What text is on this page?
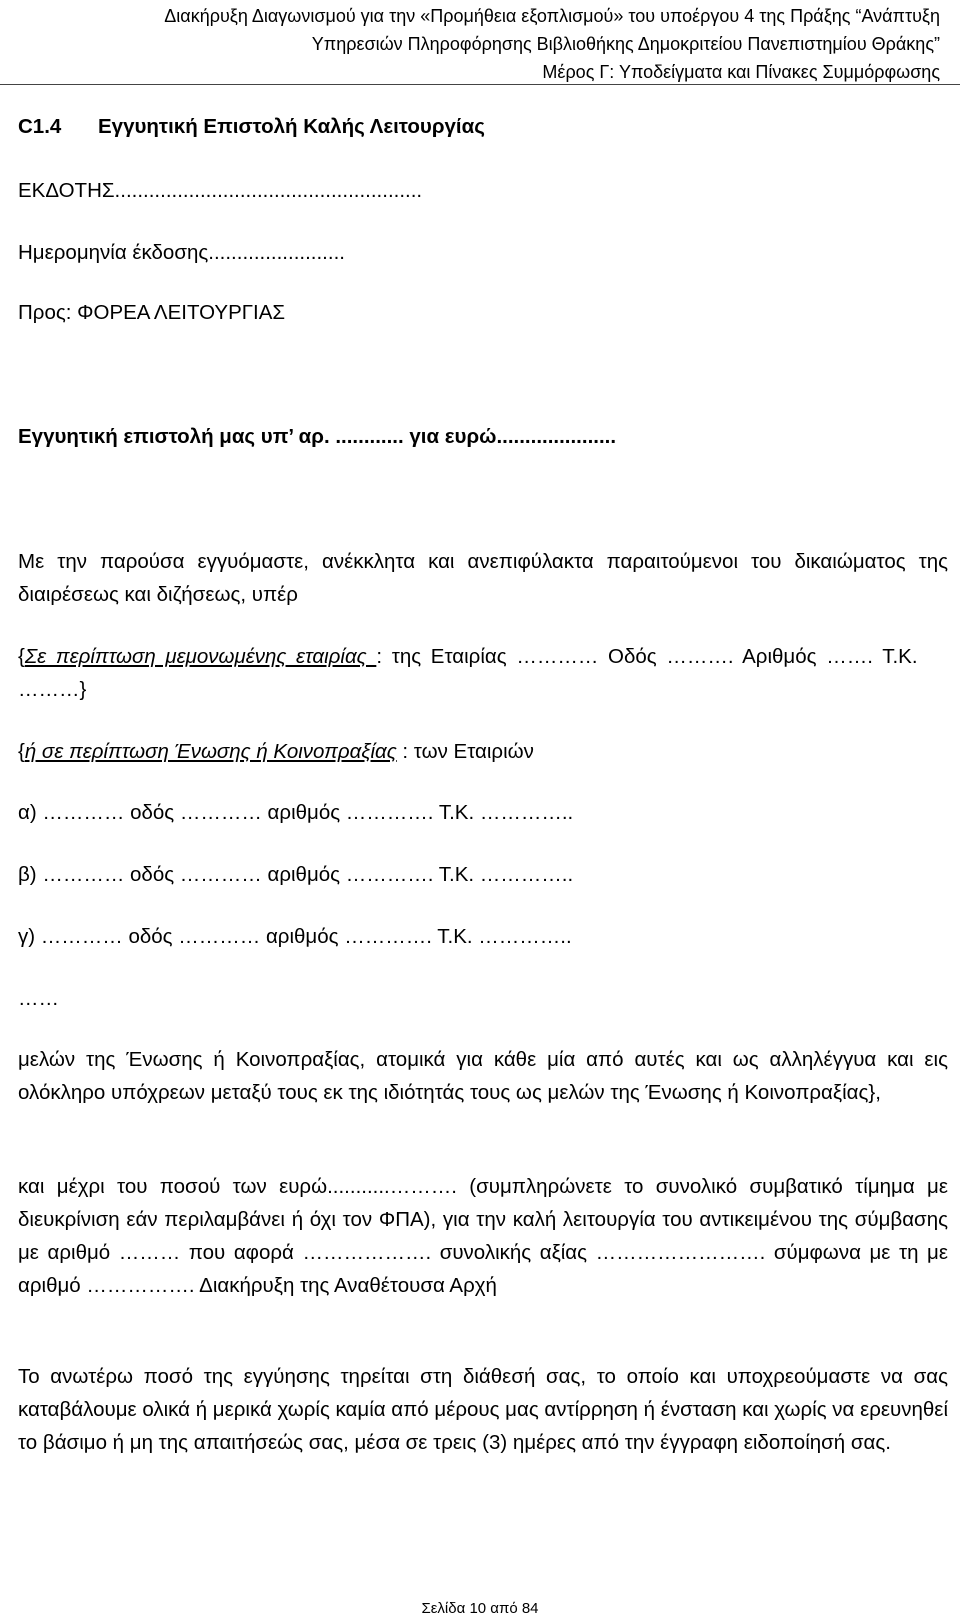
Διακήρυξη Διαγωνισμού για την «Προμήθεια εξοπλισμού» του υποέργου 4 της Πράξης “Ανάπτυξη
Υπηρεσιών Πληροφόρησης Βιβλιοθήκης Δημοκριτείου Πανεπιστημίου Θράκης”
Μέρος Γ: Υποδείγματα και Πίνακες Συμμόρφωσης
C1.4 Εγγυητική Επιστολή Καλής Λειτουργίας
ΕΚΔΟΤΗΣ......................................................
Ημερομηνία έκδοσης........................
Προς: ΦΟΡΕΑ ΛΕΙΤΟΥΡΓΙΑΣ
Εγγυητική επιστολή μας υπ’ αρ. ............ για ευρώ.....................
Με την παρούσα εγγυόμαστε, ανέκκλητα και ανεπιφύλακτα παραιτούμενοι του δικαιώματος της διαιρέσεως και διζήσεως, υπέρ
{Σε περίπτωση μεμονωμένης εταιρίας : της Εταιρίας ………… Οδός ………. Αριθμός ……. Τ.Κ. ………}
{ή σε περίπτωση Ένωσης ή Κοινοπραξίας : των Εταιριών
α) ………… οδός ………… αριθμός …………. Τ.Κ. …………..
β) ………… οδός ………… αριθμός …………. Τ.Κ. …………..
γ) ………… οδός ………… αριθμός …………. Τ.Κ. …………..
……
μελών της Ένωσης ή Κοινοπραξίας, ατομικά για κάθε μία από αυτές και ως αλληλέγγυα και εις ολόκληρο υπόχρεων μεταξύ τους εκ της ιδιότητάς τους ως μελών της Ένωσης ή Κοινοπραξίας},
και μέχρι του ποσού των ευρώ...........………. (συμπληρώνετε το συνολικό συμβατικό τίμημα με διευκρίνιση εάν περιλαμβάνει ή όχι τον ΦΠΑ), για την καλή λειτουργία του αντικειμένου της σύμβασης με αριθμό ……… που αφορά ………………. συνολικής αξίας ……………………. σύμφωνα με τη με αριθμό ……………. Διακήρυξη της Αναθέτουσα Αρχή
Το ανωτέρω ποσό της εγγύησης τηρείται στη διάθεσή σας, το οποίο και υποχρεούμαστε να σας καταβάλουμε ολικά ή μερικά χωρίς καμία από μέρους μας αντίρρηση ή ένσταση και χωρίς να ερευνηθεί το βάσιμο ή μη της απαιτήσεώς σας, μέσα σε τρεις (3) ημέρες από την έγγραφη ειδοποίησή σας.
Σελίδα 10 από 84
